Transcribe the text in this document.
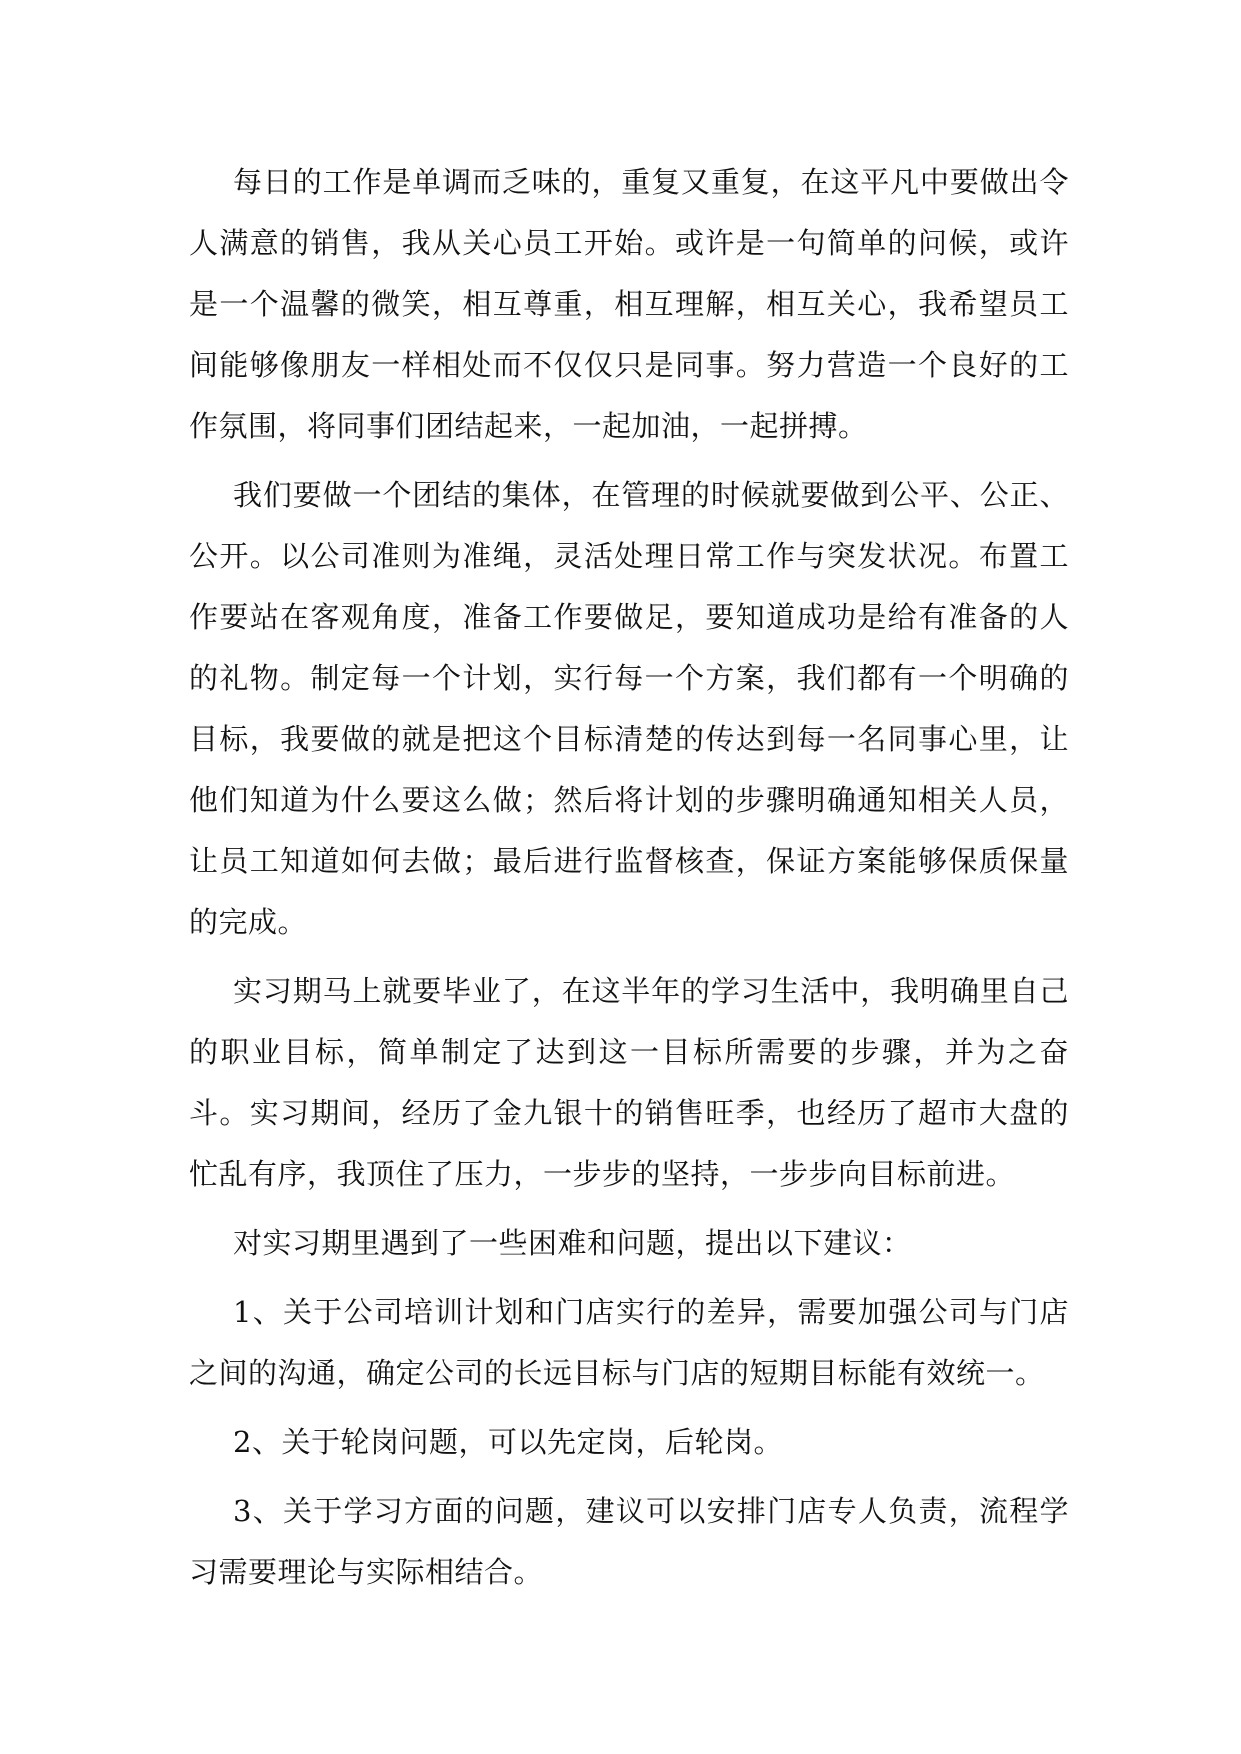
每日的工作是单调而乏味的，重复又重复，在这平凡中要做出令人满意的销售，我从关心员工开始。或许是一句简单的问候，或许是一个温馨的微笑，相互尊重，相互理解，相互关心，我希望员工间能够像朋友一样相处而不仅仅只是同事。努力营造一个良好的工作氛围，将同事们团结起来，一起加油，一起拼搏。

我们要做一个团结的集体，在管理的时候就要做到公平、公正、公开。以公司准则为准绳，灵活处理日常工作与突发状况。布置工作要站在客观角度，准备工作要做足，要知道成功是给有准备的人的礼物。制定每一个计划，实行每一个方案，我们都有一个明确的目标，我要做的就是把这个目标清楚的传达到每一名同事心里，让他们知道为什么要这么做；然后将计划的步骤明确通知相关人员，让员工知道如何去做；最后进行监督核查，保证方案能够保质保量的完成。

实习期马上就要毕业了，在这半年的学习生活中，我明确里自己的职业目标，简单制定了达到这一目标所需要的步骤，并为之奋斗。实习期间，经历了金九银十的销售旺季，也经历了超市大盘的忙乱有序，我顶住了压力，一步步的坚持，一步步向目标前进。

对实习期里遇到了一些困难和问题，提出以下建议：

1、关于公司培训计划和门店实行的差异，需要加强公司与门店之间的沟通，确定公司的长远目标与门店的短期目标能有效统一。

2、关于轮岗问题，可以先定岗，后轮岗。

3、关于学习方面的问题，建议可以安排门店专人负责，流程学习需要理论与实际相结合。
